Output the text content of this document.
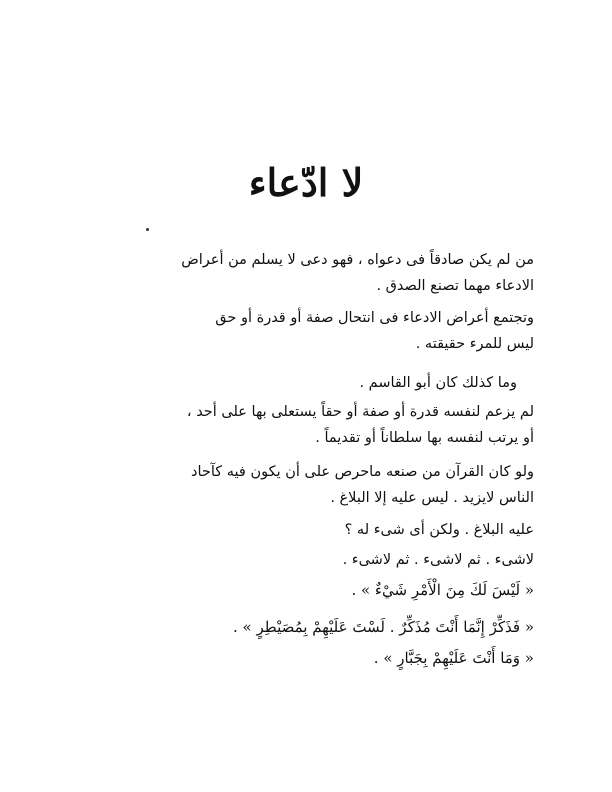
لا ادّعاء
من لم يكن صادقاً فى دعواه ، فهو دعى لا يسلم من أعراض
الادعاء مهما تصنع الصدق .
وتجتمع أعراض الادعاء فى انتحال صفة أو قدرة أو حق
ليس للمرء حقيقته .
وما كذلك كان أبو القاسم .
لم يزعم لنفسه قدرة أو صفة أو حقاً يستعلى بها على أحد ،
أو يرتب لنفسه بها سلطاناً أو تقديماً .
ولو كان القرآن من صنعه ماحرص على أن يكون فيه كآحاد
الناس لايزيد . ليس عليه إلا البلاغ .
عليه البلاغ . ولكن أى شىء له ؟
لاشىء . ثم لاشىء . ثم لاشىء .
« لَيْسَ لَكَ مِنَ الْأَمْرِ شَيْءٌ » .
« فَذَكِّرْ إِنَّمَا أَنْتَ مُذَكِّرٌ . لَسْتَ عَلَيْهِمْ بِمُصَيْطِرٍ » .
« وَمَا أَنْتَ عَلَيْهِمْ بِجَبَّارٍ » .
